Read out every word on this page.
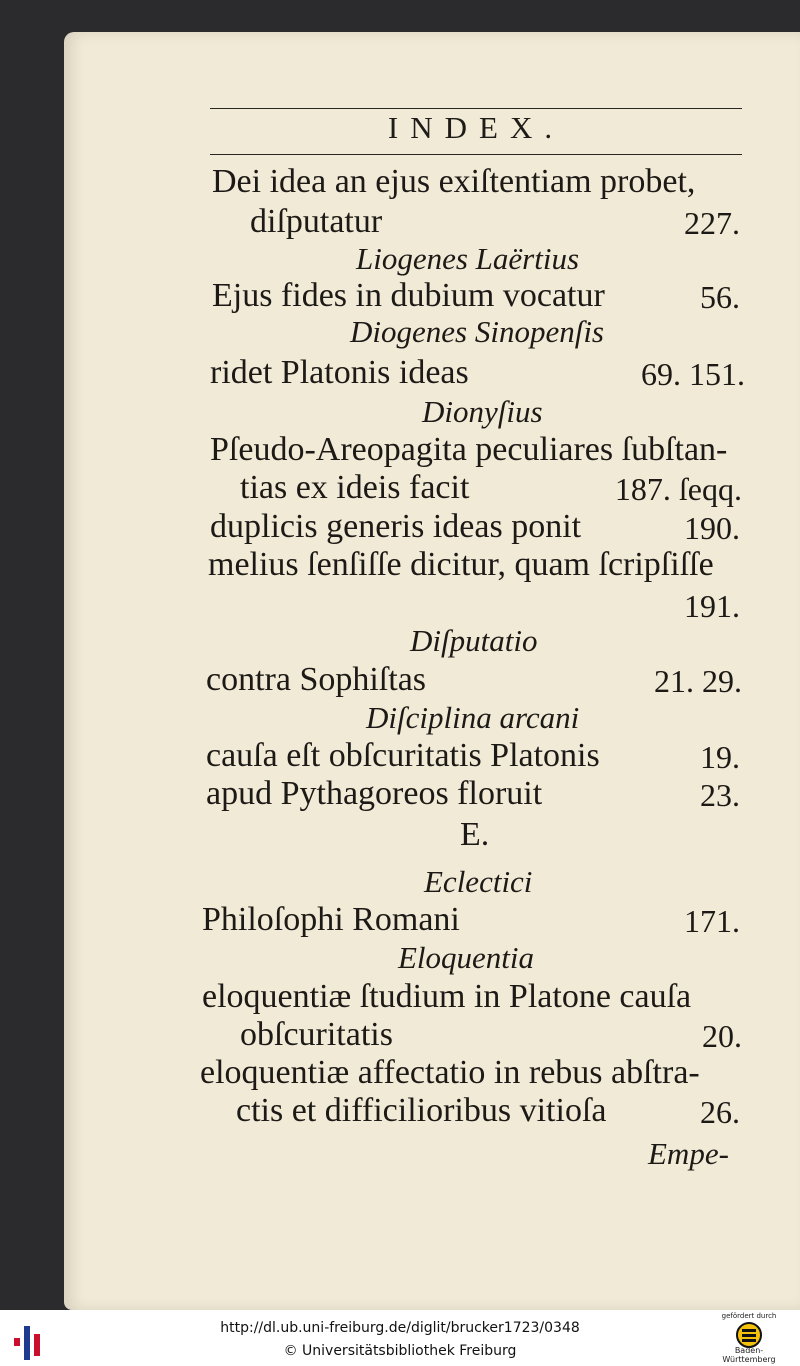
INDEX.
Dei idea an ejus exiſtentiam probet,
diſputatur	227.
Liogenes Laërtius
Ejus fides in dubium vocatur	56.
Diogenes Sinopenſis
ridet Platonis ideas	69. 151.
Dionyſius
Pſeudo-Areopagita peculiares ſubſtan-
tias ex ideis facit	187. ſeqq.
duplicis generis ideas ponit	190.
melius ſenſiſſe dicitur, quam ſcripſiſſe
191.
Diſputatio
contra Sophiſtas	21. 29.
Diſciplina arcani
cauſa eſt obſcuritatis Platonis	19.
apud Pythagoreos floruit	23.
E.
Eclectici
Philoſophi Romani	171.
Eloquentia
eloquentiæ ſtudium in Platone cauſa
obſcuritatis	20.
eloquentiæ affectatio in rebus abſtra-
ctis et difficilioribus vitioſa	26.
Empe-
http://dl.ub.uni-freiburg.de/diglit/brucker1723/0348
© Universitätsbibliothek Freiburg
gefördert durch
Baden-Württemberg
